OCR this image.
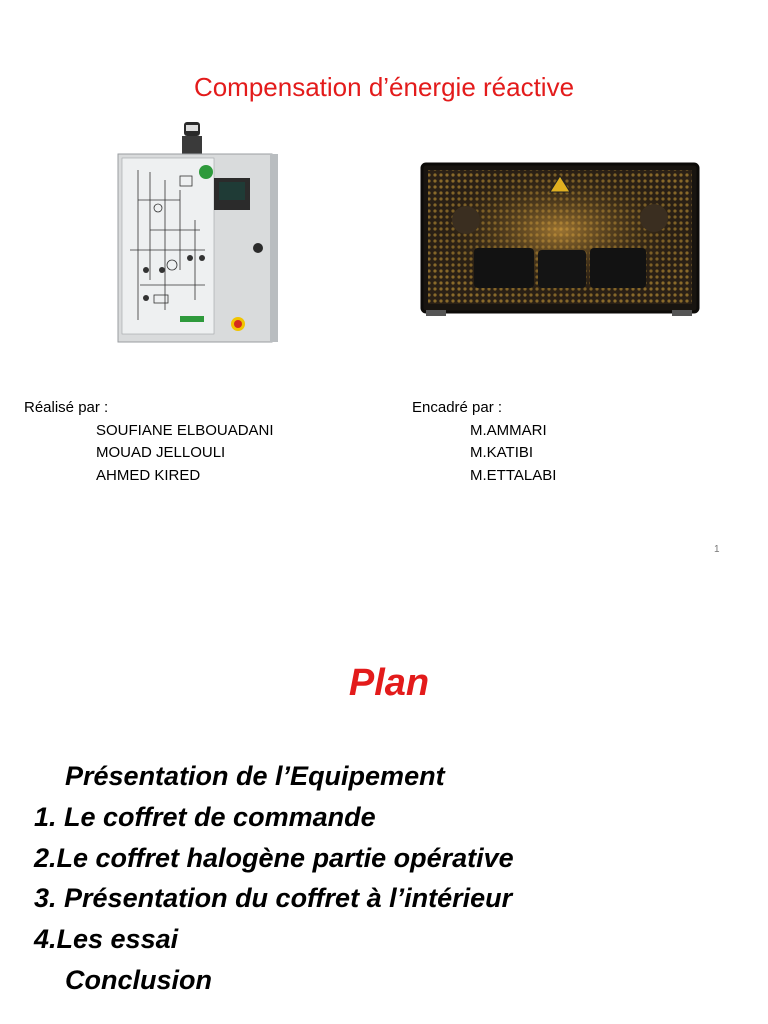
Compensation d’énergie réactive
Réalisé par :
SOUFIANE ELBOUADANI
MOUAD JELLOULI
AHMED KIRED
Encadré par :
M.AMMARI
M.KATIBI
M.ETTALABI
1
Plan
Présentation de l’Equipement
1. Le coffret de commande
2.Le coffret halogène partie opérative
3. Présentation du coffret à l’intérieur
4.Les essai
Conclusion
